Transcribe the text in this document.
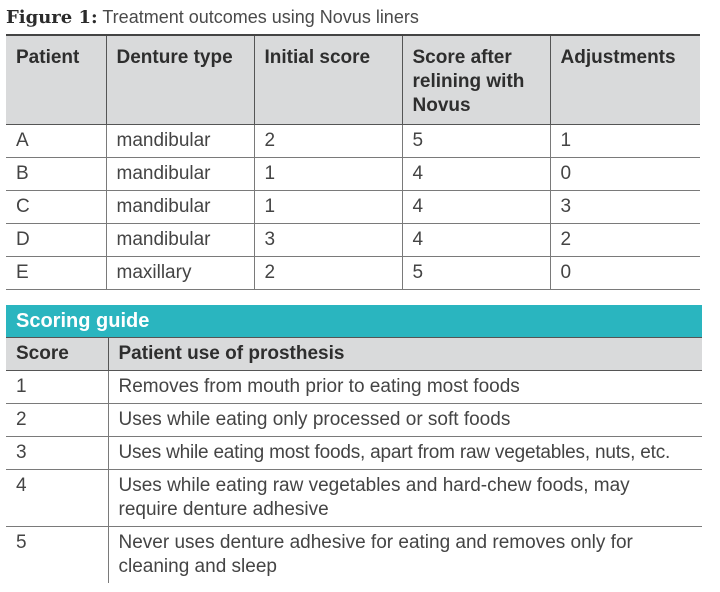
Figure 1: Treatment outcomes using Novus liners
Patient	Denture type	Initial score	Score after relining with Novus	Adjustments
A	mandibular	2	5	1
B	mandibular	1	4	0
C	mandibular	1	4	3
D	mandibular	3	4	2
E	maxillary	2	5	0
Scoring guide	
Score	Patient use of prosthesis
1	Removes from mouth prior to eating most foods
2	Uses while eating only processed or soft foods
3	Uses while eating most foods, apart from raw vegetables, nuts, etc.
4	Uses while eating raw vegetables and hard-chew foods, may require denture adhesive
5	Never uses denture adhesive for eating and removes only for cleaning and sleep
